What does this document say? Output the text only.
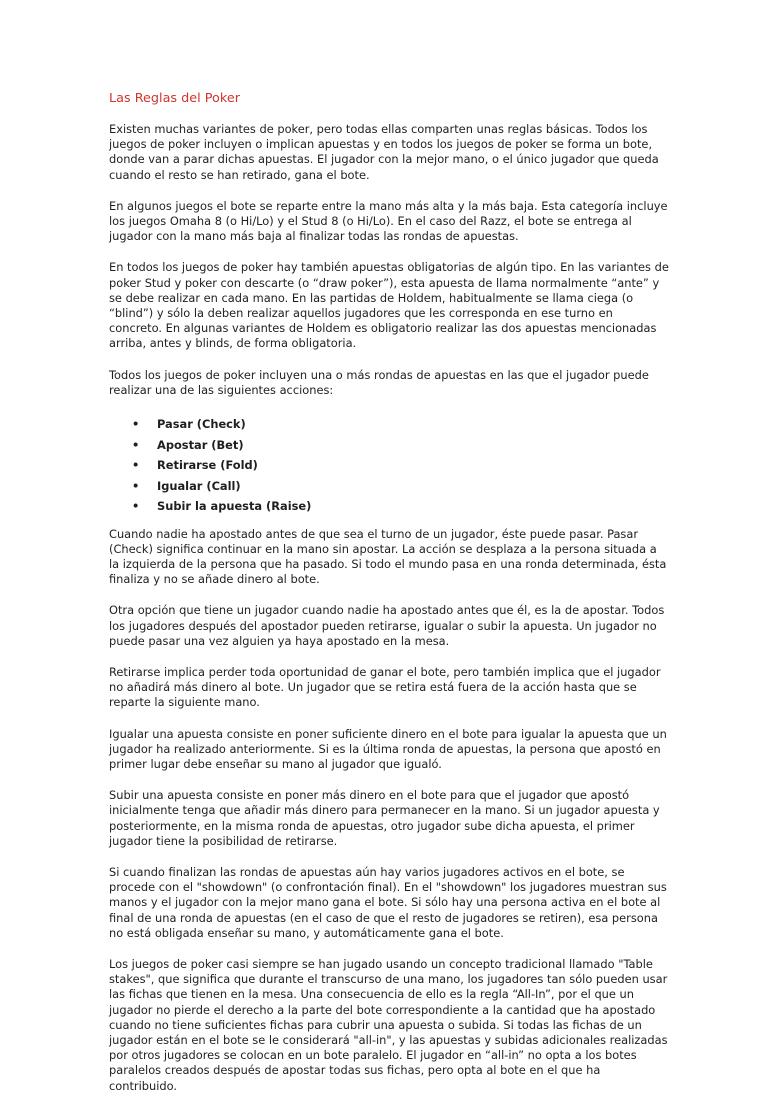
Las Reglas del Poker

Existen muchas variantes de poker, pero todas ellas comparten unas reglas básicas. Todos los juegos de poker incluyen o implican apuestas y en todos los juegos de poker se forma un bote, donde van a parar dichas apuestas. El jugador con la mejor mano, o el único jugador que queda cuando el resto se han retirado, gana el bote.

En algunos juegos el bote se reparte entre la mano más alta y la más baja. Esta categoría incluye los juegos Omaha 8 (o Hi/Lo) y el Stud 8 (o Hi/Lo). En el caso del Razz, el bote se entrega al jugador con la mano más baja al finalizar todas las rondas de apuestas.

En todos los juegos de poker hay también apuestas obligatorias de algún tipo. En las variantes de poker Stud y poker con descarte (o “draw poker”), esta apuesta de llama normalmente “ante” y se debe realizar en cada mano. En las partidas de Holdem, habitualmente se llama ciega (o “blind”) y sólo la deben realizar aquellos jugadores que les corresponda en ese turno en concreto. En algunas variantes de Holdem es obligatorio realizar las dos apuestas mencionadas arriba, antes y blinds, de forma obligatoria.

Todos los juegos de poker incluyen una o más rondas de apuestas en las que el jugador puede realizar una de las siguientes acciones:

• Pasar (Check)
• Apostar (Bet)
• Retirarse (Fold)
• Igualar (Call)
• Subir la apuesta (Raise)

Cuando nadie ha apostado antes de que sea el turno de un jugador, éste puede pasar. Pasar (Check) significa continuar en la mano sin apostar. La acción se desplaza a la persona situada a la izquierda de la persona que ha pasado. Si todo el mundo pasa en una ronda determinada, ésta finaliza y no se añade dinero al bote.

Otra opción que tiene un jugador cuando nadie ha apostado antes que él, es la de apostar. Todos los jugadores después del apostador pueden retirarse, igualar o subir la apuesta. Un jugador no puede pasar una vez alguien ya haya apostado en la mesa.

Retirarse implica perder toda oportunidad de ganar el bote, pero también implica que el jugador no añadirá más dinero al bote. Un jugador que se retira está fuera de la acción hasta que se reparte la siguiente mano.

Igualar una apuesta consiste en poner suficiente dinero en el bote para igualar la apuesta que un jugador ha realizado anteriormente. Si es la última ronda de apuestas, la persona que apostó en primer lugar debe enseñar su mano al jugador que igualó.

Subir una apuesta consiste en poner más dinero en el bote para que el jugador que apostó inicialmente tenga que añadir más dinero para permanecer en la mano. Si un jugador apuesta y posteriormente, en la misma ronda de apuestas, otro jugador sube dicha apuesta, el primer jugador tiene la posibilidad de retirarse.

Si cuando finalizan las rondas de apuestas aún hay varios jugadores activos en el bote, se procede con el "showdown" (o confrontación final). En el "showdown" los jugadores muestran sus manos y el jugador con la mejor mano gana el bote. Si sólo hay una persona activa en el bote al final de una ronda de apuestas (en el caso de que el resto de jugadores se retiren), esa persona no está obligada enseñar su mano, y automáticamente gana el bote.

Los juegos de poker casi siempre se han jugado usando un concepto tradicional llamado "Table stakes", que significa que durante el transcurso de una mano, los jugadores tan sólo pueden usar las fichas que tienen en la mesa. Una consecuencia de ello es la regla “All-In”, por el que un jugador no pierde el derecho a la parte del bote correspondiente a la cantidad que ha apostado cuando no tiene suficientes fichas para cubrir una apuesta o subida. Si todas las fichas de un jugador están en el bote se le considerará "all-in", y las apuestas y subidas adicionales realizadas por otros jugadores se colocan en un bote paralelo. El jugador en “all-in” no opta a los botes paralelos creados después de apostar todas sus fichas, pero opta al bote en el que ha contribuido.
